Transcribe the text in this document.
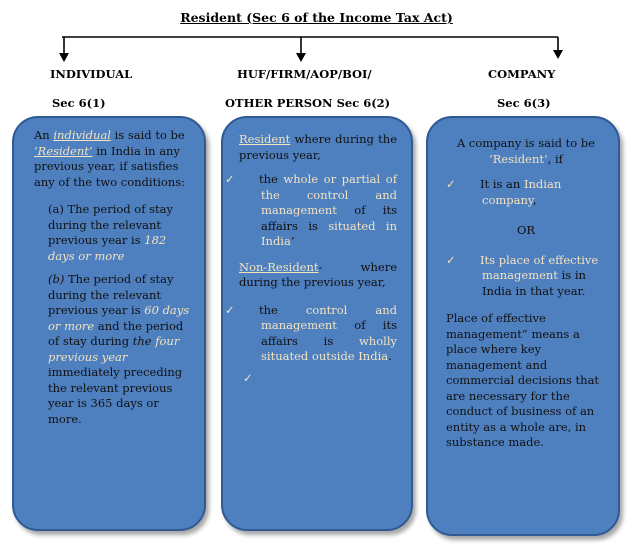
Resident (Sec 6 of the Income Tax Act)
INDIVIDUAL
Sec 6(1)
HUF/FIRM/AOP/BOI/
OTHER PERSON Sec 6(2)
COMPANY
Sec 6(3)

An individual is said to be ‘Resident’ in India in any previous year, if satisfies any of the two conditions:

(a) The period of stay during the relevant previous year is 182 days or more

(b) The period of stay during the relevant previous year is 60 days or more and the period of stay during the four previous year immediately preceding the relevant previous year is 365 days or more.

Resident where during the previous year,

✓ the whole or partial of the control and management of its affairs is situated in India’

Non-Resident- where during the previous year,

✓ the control and management of its affairs is wholly situated outside India.

✓

A company is said to be ‘Resident’, if

✓ It is an Indian company,

OR

✓ Its place of effective management is in India in that year.

Place of effective management” means a place where key management and commercial decisions that are necessary for the conduct of business of an entity as a whole are, in substance made.
